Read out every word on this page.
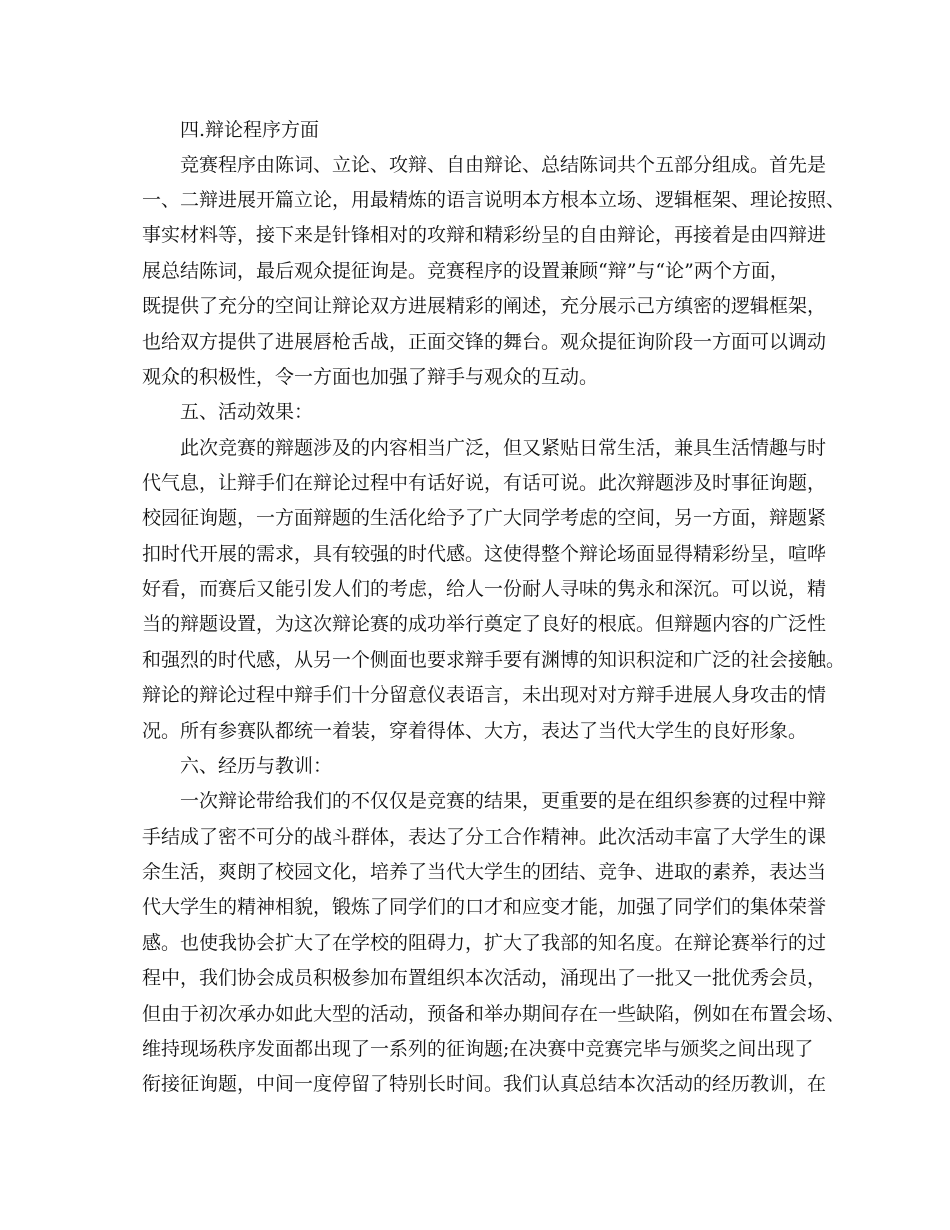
四.辩论程序方面
竞赛程序由陈词、立论、攻辩、自由辩论、总结陈词共个五部分组成。首先是
一、二辩进展开篇立论，用最精炼的语言说明本方根本立场、逻辑框架、理论按照、
事实材料等，接下来是针锋相对的攻辩和精彩纷呈的自由辩论，再接着是由四辩进
展总结陈词，最后观众提征询是。竞赛程序的设置兼顾“辩”与“论”两个方面，
既提供了充分的空间让辩论双方进展精彩的阐述，充分展示己方缜密的逻辑框架，
也给双方提供了进展唇枪舌战，正面交锋的舞台。观众提征询阶段一方面可以调动
观众的积极性，令一方面也加强了辩手与观众的互动。
五、活动效果：
此次竞赛的辩题涉及的内容相当广泛，但又紧贴日常生活，兼具生活情趣与时
代气息，让辩手们在辩论过程中有话好说，有话可说。此次辩题涉及时事征询题，
校园征询题，一方面辩题的生活化给予了广大同学考虑的空间，另一方面，辩题紧
扣时代开展的需求，具有较强的时代感。这使得整个辩论场面显得精彩纷呈，喧哗
好看，而赛后又能引发人们的考虑，给人一份耐人寻味的隽永和深沉。可以说，精
当的辩题设置，为这次辩论赛的成功举行奠定了良好的根底。但辩题内容的广泛性
和强烈的时代感，从另一个侧面也要求辩手要有渊博的知识积淀和广泛的社会接触。
辩论的辩论过程中辩手们十分留意仪表语言，未出现对对方辩手进展人身攻击的情
况。所有参赛队都统一着装，穿着得体、大方，表达了当代大学生的良好形象。
六、经历与教训：
一次辩论带给我们的不仅仅是竞赛的结果，更重要的是在组织参赛的过程中辩
手结成了密不可分的战斗群体，表达了分工合作精神。此次活动丰富了大学生的课
余生活，爽朗了校园文化，培养了当代大学生的团结、竞争、进取的素养，表达当
代大学生的精神相貌，锻炼了同学们的口才和应变才能，加强了同学们的集体荣誉
感。也使我协会扩大了在学校的阻碍力，扩大了我部的知名度。在辩论赛举行的过
程中，我们协会成员积极参加布置组织本次活动，涌现出了一批又一批优秀会员，
但由于初次承办如此大型的活动，预备和举办期间存在一些缺陷，例如在布置会场、
维持现场秩序发面都出现了一系列的征询题;在决赛中竞赛完毕与颁奖之间出现了
衔接征询题，中间一度停留了特别长时间。我们认真总结本次活动的经历教训，在
